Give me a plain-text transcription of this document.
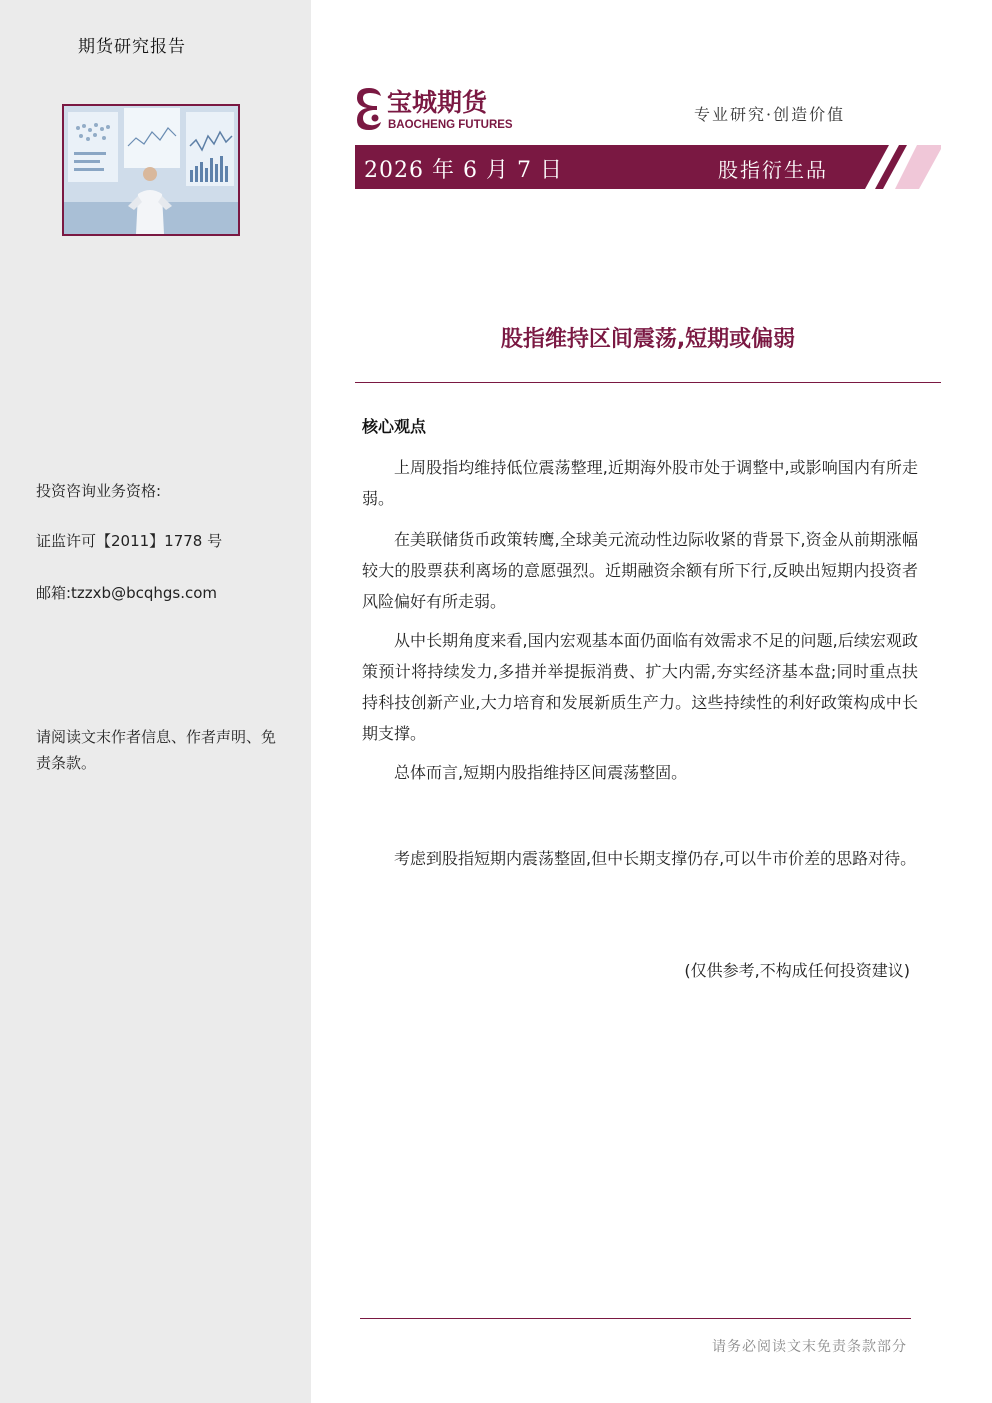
期货研究报告
投资咨询业务资格:
证监许可【2011】1778 号
邮箱:tzzxb@bcqhgs.com
请阅读文末作者信息、作者声明、免责条款。
宝城期货
BAOCHENG FUTURES
专业研究·创造价值
2026 年 6 月 7 日	股指衍生品
股指维持区间震荡,短期或偏弱
核心观点

上周股指均维持低位震荡整理,近期海外股市处于调整中,或影响国内有所走弱。

在美联储货币政策转鹰,全球美元流动性边际收紧的背景下,资金从前期涨幅较大的股票获利离场的意愿强烈。近期融资余额有所下行,反映出短期内投资者风险偏好有所走弱。

从中长期角度来看,国内宏观基本面仍面临有效需求不足的问题,后续宏观政策预计将持续发力,多措并举提振消费、扩大内需,夯实经济基本盘;同时重点扶持科技创新产业,大力培育和发展新质生产力。这些持续性的利好政策构成中长期支撑。

总体而言,短期内股指维持区间震荡整固。

考虑到股指短期内震荡整固,但中长期支撑仍存,可以牛市价差的思路对待。

(仅供参考,不构成任何投资建议)
请务必阅读文末免责条款部分
